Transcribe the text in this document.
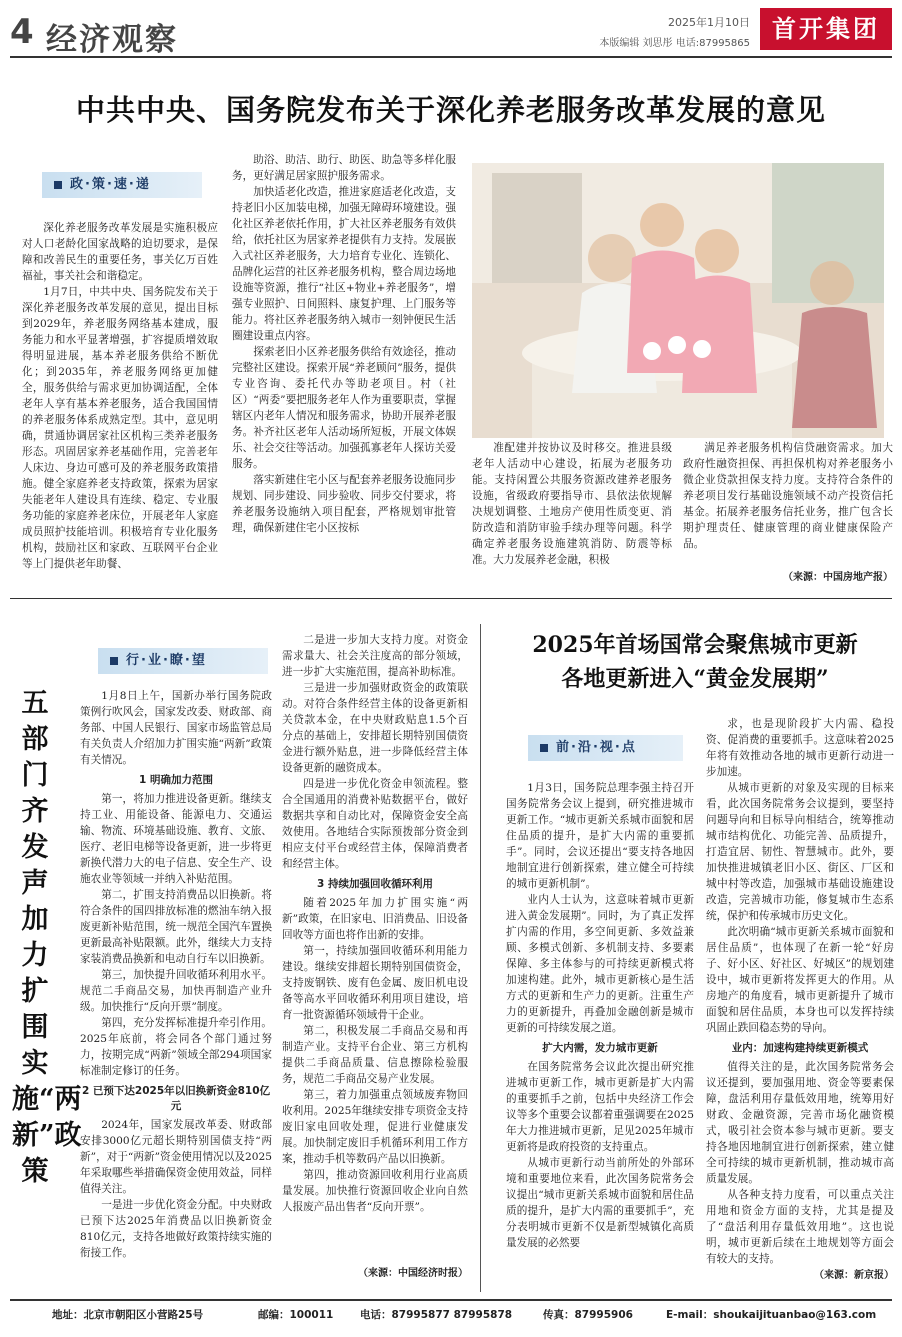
4 经济观察	2025年1月10日
本版编辑 刘思彤 电话:87995865
首开集团
中共中央、国务院发布关于深化养老服务改革发展的意见
政·策·速·递

深化养老服务改革发展是实施积极应对人口老龄化国家战略的迫切要求，是保障和改善民生的重要任务，事关亿万百姓福祉，事关社会和谐稳定。

1月7日，中共中央、国务院发布关于深化养老服务改革发展的意见，提出目标到2029年，养老服务网络基本建成，服务能力和水平显著增强，扩容提质增效取得明显进展，基本养老服务供给不断优化；到2035年，养老服务网络更加健全，服务供给与需求更加协调适配，全体老年人享有基本养老服务，适合我国国情的养老服务体系成熟定型。其中，意见明确，贯通协调居家社区机构三类养老服务形态。巩固居家养老基础作用，完善老年人床边、身边可感可及的养老服务政策措施。健全家庭养老支持政策，探索为居家失能老年人建设具有连续、稳定、专业服务功能的家庭养老床位，开展老年人家庭成员照护技能培训。积极培育专业化服务机构，鼓励社区和家政、互联网平台企业等上门提供老年助餐、

助浴、助洁、助行、助医、助急等多样化服务，更好满足居家照护服务需求。

加快适老化改造，推进家庭适老化改造，支持老旧小区加装电梯，加强无障碍环境建设。强化社区养老依托作用，扩大社区养老服务有效供给，依托社区为居家养老提供有力支持。发展嵌入式社区养老服务，大力培育专业化、连锁化、品牌化运营的社区养老服务机构，整合周边场地设施等资源，推行“社区+物业+养老服务”，增强专业照护、日间照料、康复护理、上门服务等能力。将社区养老服务纳入城市一刻钟便民生活圈建设重点内容。

探索老旧小区养老服务供给有效途径，推动完整社区建设。探索开展“养老顾问”服务，提供专业咨询、委托代办等助老项目。村（社区）“两委”要把服务老年人作为重要职责，掌握辖区内老年人情况和服务需求，协助开展养老服务。补齐社区老年人活动场所短板，开展文体娱乐、社会交往等活动。加强孤寡老年人探访关爱服务。

落实新建住宅小区与配套养老服务设施同步规划、同步建设、同步验收、同步交付要求，将养老服务设施纳入项目配套，严格规划审批管理，确保新建住宅小区按标

准配建并按协议及时移交。推进县级老年人活动中心建设，拓展为老服务功能。支持闲置公共服务资源改建养老服务设施，省级政府要指导市、县依法依规解决规划调整、土地房产使用性质变更、消防改造和消防审验手续办理等问题。科学确定养老服务设施建筑消防、防震等标准。大力发展养老金融，积极

满足养老服务机构信贷融资需求。加大政府性融资担保、再担保机构对养老服务小微企业贷款担保支持力度。支持符合条件的养老项目发行基础设施领域不动产投资信托基金。拓展养老服务信托业务，推广包含长期护理责任、健康管理的商业健康保险产品。

（来源：中国房地产报）
行·业·瞭·望
五部门齐发声 加力扩围实施“两新”政策

1月8日上午，国新办举行国务院政策例行吹风会，国家发改委、财政部、商务部、中国人民银行、国家市场监管总局有关负责人介绍加力扩围实施“两新”政策有关情况。

1 明确加力范围

第一，将加力推进设备更新。继续支持工业、用能设备、能源电力、交通运输、物流、环境基础设施、教育、文旅、医疗、老旧电梯等设备更新，进一步将更新换代潜力大的电子信息、安全生产、设施农业等领域一并纳入补贴范围。

第二，扩围支持消费品以旧换新。将符合条件的国四排放标准的燃油车纳入报废更新补贴范围，统一规范全国汽车置换更新最高补贴限额。此外，继续大力支持家装消费品换新和电动自行车以旧换新。

第三，加快提升回收循环利用水平。规范二手商品交易，加快再制造产业升级。加快推行“反向开票”制度。

第四，充分发挥标准提升牵引作用。2025年底前，将会同各个部门通过努力，按期完成“两新”领域全部294项国家标准制定修订的任务。

2 已预下达2025年以旧换新资金810亿元

2024年，国家发展改革委、财政部安排3000亿元超长期特别国债支持“两新”，对于“两新”资金使用情况以及2025年采取哪些举措确保资金使用效益，同样值得关注。

一是进一步优化资金分配。中央财政已预下达2025年消费品以旧换新资金810亿元，支持各地做好政策持续实施的衔接工作。

二是进一步加大支持力度。对资金需求量大、社会关注度高的部分领域，进一步扩大实施范围，提高补助标准。

三是进一步加强财政资金的政策联动。对符合条件经营主体的设备更新相关贷款本金，在中央财政贴息1.5个百分点的基础上，安排超长期特别国债资金进行额外贴息，进一步降低经营主体设备更新的融资成本。

四是进一步优化资金申领流程。整合全国通用的消费补贴数据平台，做好数据共享和自动比对，保障资金安全高效使用。各地结合实际预拨部分资金到相应支付平台或经营主体，保障消费者和经营主体。

3 持续加强回收循环利用

随着2025年加力扩围实施“两新”政策，在旧家电、旧消费品、旧设备回收等方面也将作出新的安排。

第一，持续加强回收循环利用能力建设。继续安排超长期特别国债资金，支持废钢铁、废有色金属、废旧机电设备等高水平回收循环利用项目建设，培育一批资源循环领域骨干企业。

第二，积极发展二手商品交易和再制造产业。支持平台企业、第三方机构提供二手商品质量、信息擦除检验服务，规范二手商品交易产业发展。

第三，着力加强重点领域废弃物回收利用。2025年继续安排专项资金支持废旧家电回收处理，促进行业健康发展。加快制定废旧手机循环利用工作方案，推动手机等数码产品以旧换新。

第四，推动资源回收利用行业高质量发展。加快推行资源回收企业向自然人报废产品出售者“反向开票”。

（来源：中国经济时报）
2025年首场国常会聚焦城市更新
各地更新进入“黄金发展期”
前·沿·视·点

1月3日，国务院总理李强主持召开国务院常务会议上提到，研究推进城市更新工作。“城市更新关系城市面貌和居住品质的提升，是扩大内需的重要抓手”。同时，会议还提出“要支持各地因地制宜进行创新探索，建立健全可持续的城市更新机制”。

业内人士认为，这意味着城市更新进入黄金发展期”。同时，为了真正发挥扩内需的作用，多空间更新、多效益兼顾、多模式创新、多机制支持、多要素保障、多主体参与的可持续更新模式将加速构建。此外，城市更新核心是生活方式的更新和生产力的更新。注重生产力的更新提升，再叠加金融创新是城市更新的可持续发展之道。

扩大内需，发力城市更新

在国务院常务会议此次提出研究推进城市更新工作，城市更新是扩大内需的重要抓手之前，包括中央经济工作会议等多个重要会议都着重强调要在2025年大力推进城市更新，足见2025年城市更新将是政府投资的支持重点。

从城市更新行动当前所处的外部环境和重要地位来看，此次国务院常务会议提出“城市更新关系城市面貌和居住品质的提升，是扩大内需的重要抓手”，充分表明城市更新不仅是新型城镇化高质量发展的必然要

求，也是现阶段扩大内需、稳投资、促消费的重要抓手。这意味着2025年将有效推动各地的城市更新行动进一步加速。

从城市更新的对象及实现的目标来看，此次国务院常务会议提到，要坚持问题导向和目标导向相结合，统筹推动城市结构优化、功能完善、品质提升，打造宜居、韧性、智慧城市。此外，要加快推进城镇老旧小区、街区、厂区和城中村等改造，加强城市基础设施建设改造，完善城市功能，修复城市生态系统，保护和传承城市历史文化。

此次明确“城市更新关系城市面貌和居住品质”，也体现了在新一轮“好房子、好小区、好社区、好城区”的规划建设中，城市更新将发挥更大的作用。从房地产的角度看，城市更新提升了城市面貌和居住品质，本身也可以发挥持续巩固止跌回稳态势的导向。

业内：加速构建持续更新模式

值得关注的是，此次国务院常务会议还提到，要加强用地、资金等要素保障，盘活利用存量低效用地，统筹用好财政、金融资源，完善市场化融资模式，吸引社会资本参与城市更新。要支持各地因地制宜进行创新探索，建立健全可持续的城市更新机制，推动城市高质量发展。

从各种支持力度看，可以重点关注用地和资金方面的支持，尤其是提及了“盘活利用存量低效用地”。这也说明，城市更新后续在土地规划等方面会有较大的支持。

（来源：新京报）
地址：北京市朝阳区小营路25号	邮编：100011	电话：87995877 87995878	传真：87995906	E-mail：shoukaijituanbao@163.com
